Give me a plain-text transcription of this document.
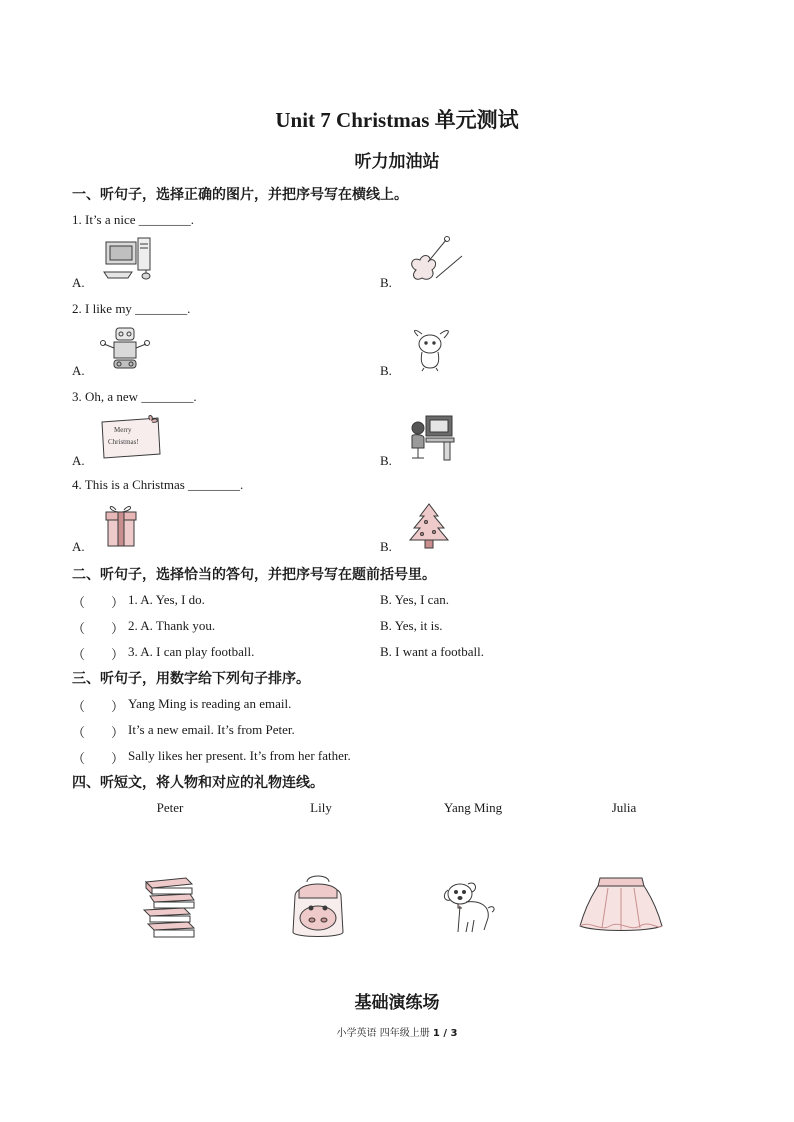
Unit 7 Christmas 单元测试
听力加油站
一、听句子，选择正确的图片，并把序号写在横线上。
1. It’s a nice ________.
A.	B.
2. I like my ________.
A.	B.
3. Oh, a new ________.
A.	B.
Merry
Christmas!
4. This is a Christmas ________.
A.	B.
二、听句子，选择恰当的答句，并把序号写在题前括号里。
（　　） 1. A. Yes, I do.	B. Yes, I can.
（　　） 2. A. Thank you.	B. Yes, it is.
（　　） 3. A. I can play football.	B. I want a football.
三、听句子，用数字给下列句子排序。
（　　） Yang Ming is reading an email.
（　　） It’s a new email. It’s from Peter.
（　　） Sally likes her present. It’s from her father.
四、听短文，将人物和对应的礼物连线。
Peter	Lily	Yang Ming	Julia
基础演练场
小学英语 四年级上册 1 / 3
